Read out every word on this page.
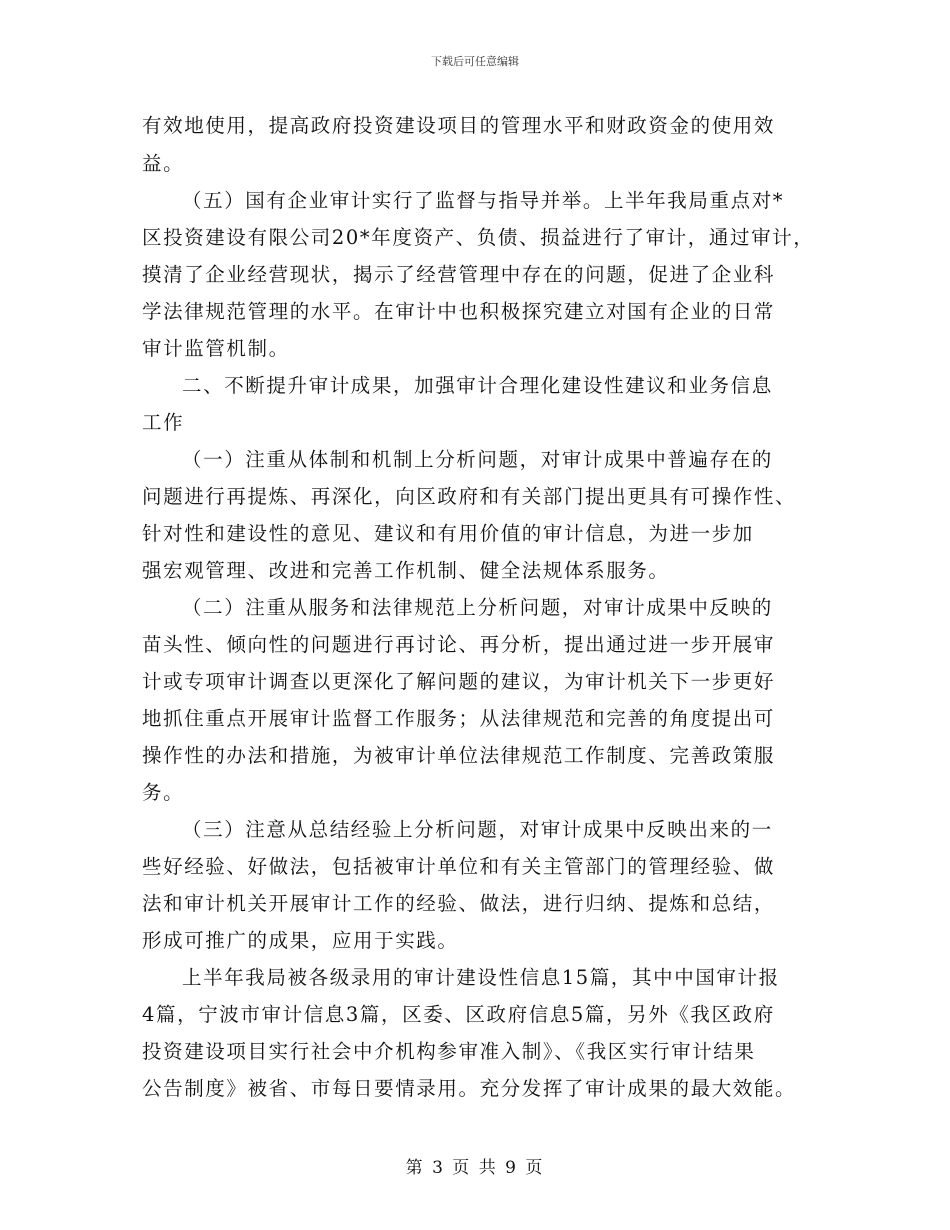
下载后可任意编辑
有效地使用，提高政府投资建设项目的管理水平和财政资金的使用效
益。
（五）国有企业审计实行了监督与指导并举。上半年我局重点对*
区投资建设有限公司20*年度资产、负债、损益进行了审计，通过审计，
摸清了企业经营现状，揭示了经营管理中存在的问题，促进了企业科
学法律规范管理的水平。在审计中也积极探究建立对国有企业的日常
审计监管机制。
二、不断提升审计成果，加强审计合理化建设性建议和业务信息
工作
（一）注重从体制和机制上分析问题，对审计成果中普遍存在的
问题进行再提炼、再深化，向区政府和有关部门提出更具有可操作性、
针对性和建设性的意见、建议和有用价值的审计信息，为进一步加
强宏观管理、改进和完善工作机制、健全法规体系服务。
（二）注重从服务和法律规范上分析问题，对审计成果中反映的
苗头性、倾向性的问题进行再讨论、再分析，提出通过进一步开展审
计或专项审计调查以更深化了解问题的建议，为审计机关下一步更好
地抓住重点开展审计监督工作服务；从法律规范和完善的角度提出可
操作性的办法和措施，为被审计单位法律规范工作制度、完善政策服
务。
（三）注意从总结经验上分析问题，对审计成果中反映出来的一
些好经验、好做法，包括被审计单位和有关主管部门的管理经验、做
法和审计机关开展审计工作的经验、做法，进行归纳、提炼和总结，
形成可推广的成果，应用于实践。
上半年我局被各级录用的审计建设性信息15篇，其中中国审计报
4篇，宁波市审计信息3篇，区委、区政府信息5篇，另外《我区政府
投资建设项目实行社会中介机构参审准入制》、《我区实行审计结果
公告制度》被省、市每日要情录用。充分发挥了审计成果的最大效能。
第 3 页 共 9 页
